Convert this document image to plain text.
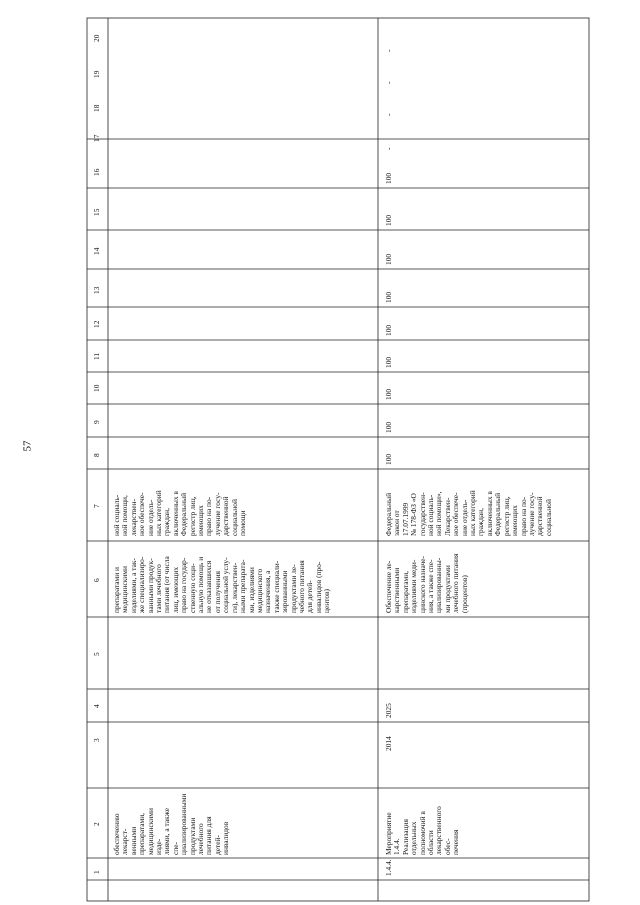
57
1
2
3
4
5
6
7
8
9
10
11
12
13
14
15
16
17
18
19
20
обеспечению лекарст-
венными препаратами,
медицинскими изде-
лиями, а также спе-
циализированными
продуктами лечебного
питания для детей-
инвалидов
препаратами и
медицинскими
изделиями, а так-
же специализиро-
ванными продук-
тами лечебного
питания (от числа
лиц, имеющих
право на государ-
ственную соци-
альную помощь и
не отказавшихся
от получения
социальной услу-
ги), лекарствен-
ными препарата-
ми, изделиями
медицинского
назначения, а
также специали-
зированными
продуктами ле-
чебного питания
для детей-
инвалидов (про-
центов)
ной социаль-
ной помощи,
лекарствен-
ное обеспече-
ние отдель-
ных категорий
граждан,
включенных в
Федеральный
регистр лиц,
имеющих
право на по-
лучение госу-
дарственной
социальной
помощи
1.4.4.
Мероприятие 1.4.4.
Реализация отдельных
полномочий в области
лекарственного обес-
печения
2014
2025
Обеспечение ле-
карственными
препаратами,
изделиями меди-
цинского назначе-
ния, а также спе-
циализированны-
ми продуктами
лечебного питания
(процентов)
Федеральный
закон от
17.07.1999
№ 178-ФЗ «О
государствен-
ной социаль-
ной помощи»,
Лекарствен-
ное обеспече-
ние отдель-
ных категорий
граждан,
включенных в
Федеральный
регистр лиц,
имеющих
право на по-
лучение госу-
дарственной
социальной
100
100
100
100
100
100
100
100
100
-
-
-
-
